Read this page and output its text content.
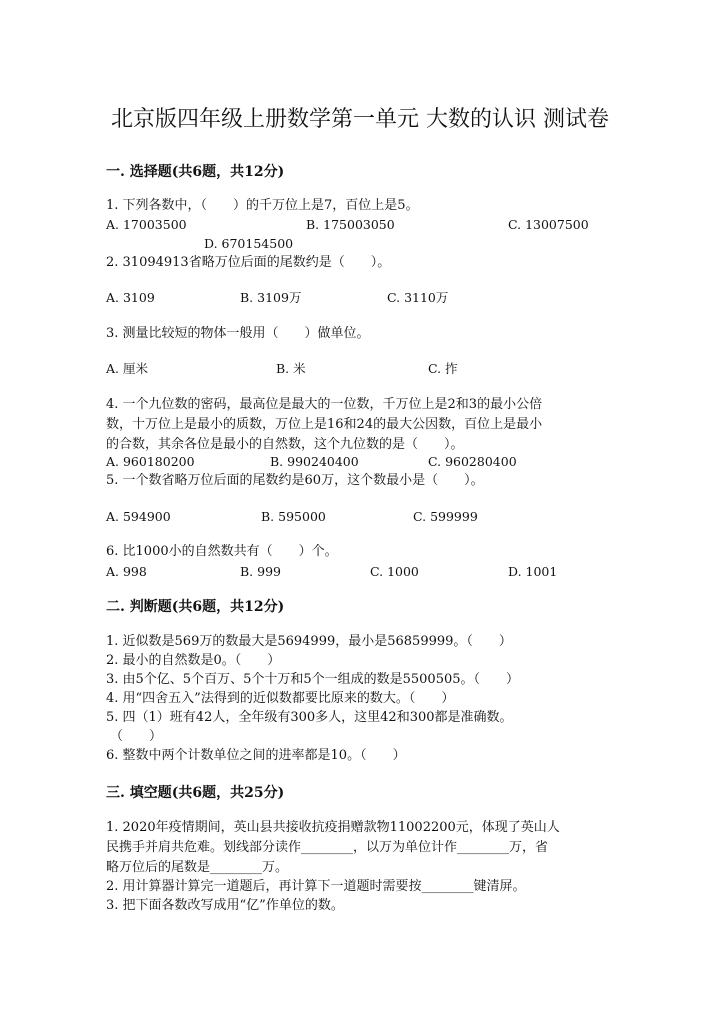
北京版四年级上册数学第一单元 大数的认识 测试卷
一. 选择题(共6题，共12分)
1. 下列各数中，（　　）的千万位上是7，百位上是5。
A. 17003500	B. 175003050	C. 13007500
D. 670154500
2. 31094913省略万位后面的尾数约是（　　）。
A. 3109	B. 3109万	C. 3110万
3. 测量比较短的物体一般用（　　）做单位。
A. 厘米	B. 米	C. 拃
4. 一个九位数的密码，最高位是最大的一位数，千万位上是2和3的最小公倍
数，十万位上是最小的质数，万位上是16和24的最大公因数，百位上是最小
的合数，其余各位是最小的自然数，这个九位数的是（　　）。
A. 960180200	B. 990240400	C. 960280400
5. 一个数省略万位后面的尾数约是60万，这个数最小是（　　）。
A. 594900	B. 595000	C. 599999
6. 比1000小的自然数共有（　　）个。
A. 998	B. 999	C. 1000	D. 1001
二. 判断题(共6题，共12分)
1. 近似数是569万的数最大是5694999，最小是56859999。（　　）
2. 最小的自然数是0。（　　）
3. 由5个亿、5个百万、5个十万和5个一组成的数是5500505。（　　）
4. 用“四舍五入”法得到的近似数都要比原来的数大。（　　）
5. 四（1）班有42人，全年级有300多人，这里42和300都是准确数。
（　　）
6. 整数中两个计数单位之间的进率都是10。（　　）
三. 填空题(共6题，共25分)
1. 2020年疫情期间，英山县共接收抗疫捐赠款物11002200元，体现了英山人
民携手并肩共危难。划线部分读作________，以万为单位计作________万，省
略万位后的尾数是________万。
2. 用计算器计算完一道题后，再计算下一道题时需要按________键清屏。
3. 把下面各数改写成用“亿”作单位的数。
